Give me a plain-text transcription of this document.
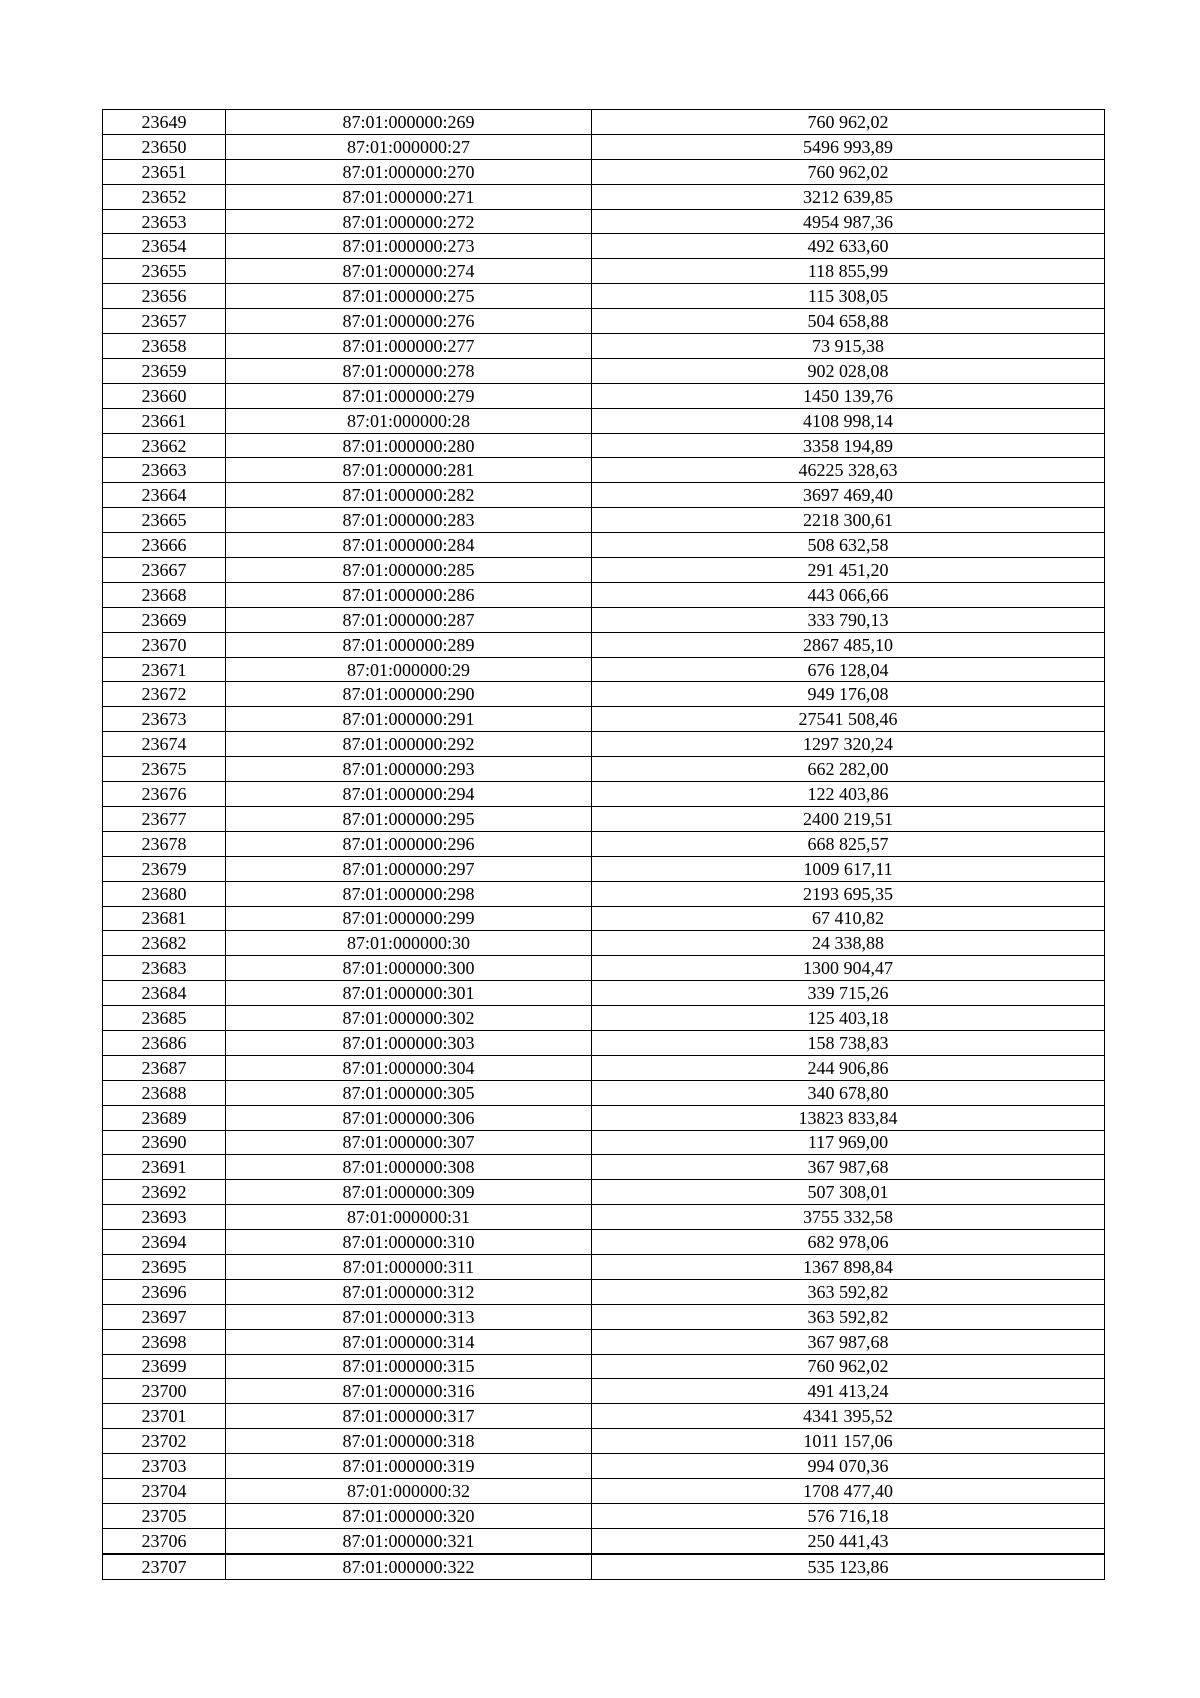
23649	87:01:000000:269	760 962,02
23650	87:01:000000:27	5496 993,89
23651	87:01:000000:270	760 962,02
23652	87:01:000000:271	3212 639,85
23653	87:01:000000:272	4954 987,36
23654	87:01:000000:273	492 633,60
23655	87:01:000000:274	118 855,99
23656	87:01:000000:275	115 308,05
23657	87:01:000000:276	504 658,88
23658	87:01:000000:277	73 915,38
23659	87:01:000000:278	902 028,08
23660	87:01:000000:279	1450 139,76
23661	87:01:000000:28	4108 998,14
23662	87:01:000000:280	3358 194,89
23663	87:01:000000:281	46225 328,63
23664	87:01:000000:282	3697 469,40
23665	87:01:000000:283	2218 300,61
23666	87:01:000000:284	508 632,58
23667	87:01:000000:285	291 451,20
23668	87:01:000000:286	443 066,66
23669	87:01:000000:287	333 790,13
23670	87:01:000000:289	2867 485,10
23671	87:01:000000:29	676 128,04
23672	87:01:000000:290	949 176,08
23673	87:01:000000:291	27541 508,46
23674	87:01:000000:292	1297 320,24
23675	87:01:000000:293	662 282,00
23676	87:01:000000:294	122 403,86
23677	87:01:000000:295	2400 219,51
23678	87:01:000000:296	668 825,57
23679	87:01:000000:297	1009 617,11
23680	87:01:000000:298	2193 695,35
23681	87:01:000000:299	67 410,82
23682	87:01:000000:30	24 338,88
23683	87:01:000000:300	1300 904,47
23684	87:01:000000:301	339 715,26
23685	87:01:000000:302	125 403,18
23686	87:01:000000:303	158 738,83
23687	87:01:000000:304	244 906,86
23688	87:01:000000:305	340 678,80
23689	87:01:000000:306	13823 833,84
23690	87:01:000000:307	117 969,00
23691	87:01:000000:308	367 987,68
23692	87:01:000000:309	507 308,01
23693	87:01:000000:31	3755 332,58
23694	87:01:000000:310	682 978,06
23695	87:01:000000:311	1367 898,84
23696	87:01:000000:312	363 592,82
23697	87:01:000000:313	363 592,82
23698	87:01:000000:314	367 987,68
23699	87:01:000000:315	760 962,02
23700	87:01:000000:316	491 413,24
23701	87:01:000000:317	4341 395,52
23702	87:01:000000:318	1011 157,06
23703	87:01:000000:319	994 070,36
23704	87:01:000000:32	1708 477,40
23705	87:01:000000:320	576 716,18
23706	87:01:000000:321	250 441,43
23707	87:01:000000:322	535 123,86
